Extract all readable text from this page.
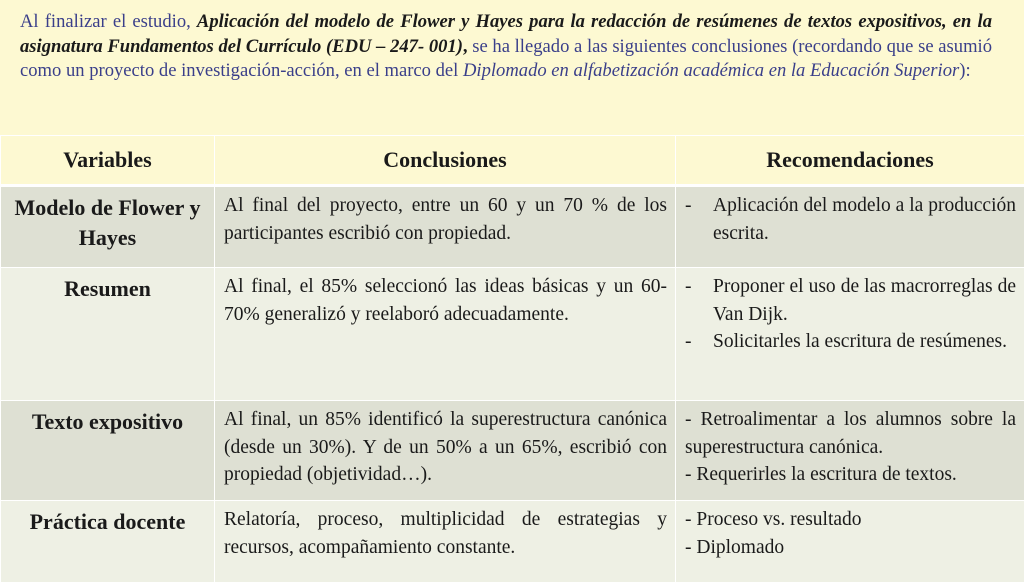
Al finalizar el estudio, Aplicación del modelo de Flower y Hayes para la redacción de resúmenes de textos expositivos, en la asignatura Fundamentos del Currículo (EDU – 247- 001), se ha llegado a las siguientes conclusiones (recordando que se asumió como un proyecto de investigación-acción, en el marco del Diplomado en alfabetización académica en la Educación Superior):
Variables	Conclusiones	Recomendaciones
Modelo de Flower y Hayes	Al final del proyecto, entre un 60 y un 70 % de los participantes escribió con propiedad.	- Aplicación del modelo a la producción escrita.

Resumen	Al final, el 85% seleccionó las ideas básicas y un 60-70% generalizó y reelaboró adecuadamente.	- Proponer el uso de las macrorreglas de Van Dijk.
- Solicitarles la escritura de resúmenes.

Texto expositivo	Al final, un 85% identificó la superestructura canónica (desde un 30%). Y de un 50% a un 65%, escribió con propiedad (objetividad…).	- Retroalimentar a los alumnos sobre la superestructura canónica.
- Requerirles la escritura de textos.

Práctica docente	Relatoría, proceso, multiplicidad de estrategias y recursos, acompañamiento constante.	- Proceso vs. resultado
- Diplomado
